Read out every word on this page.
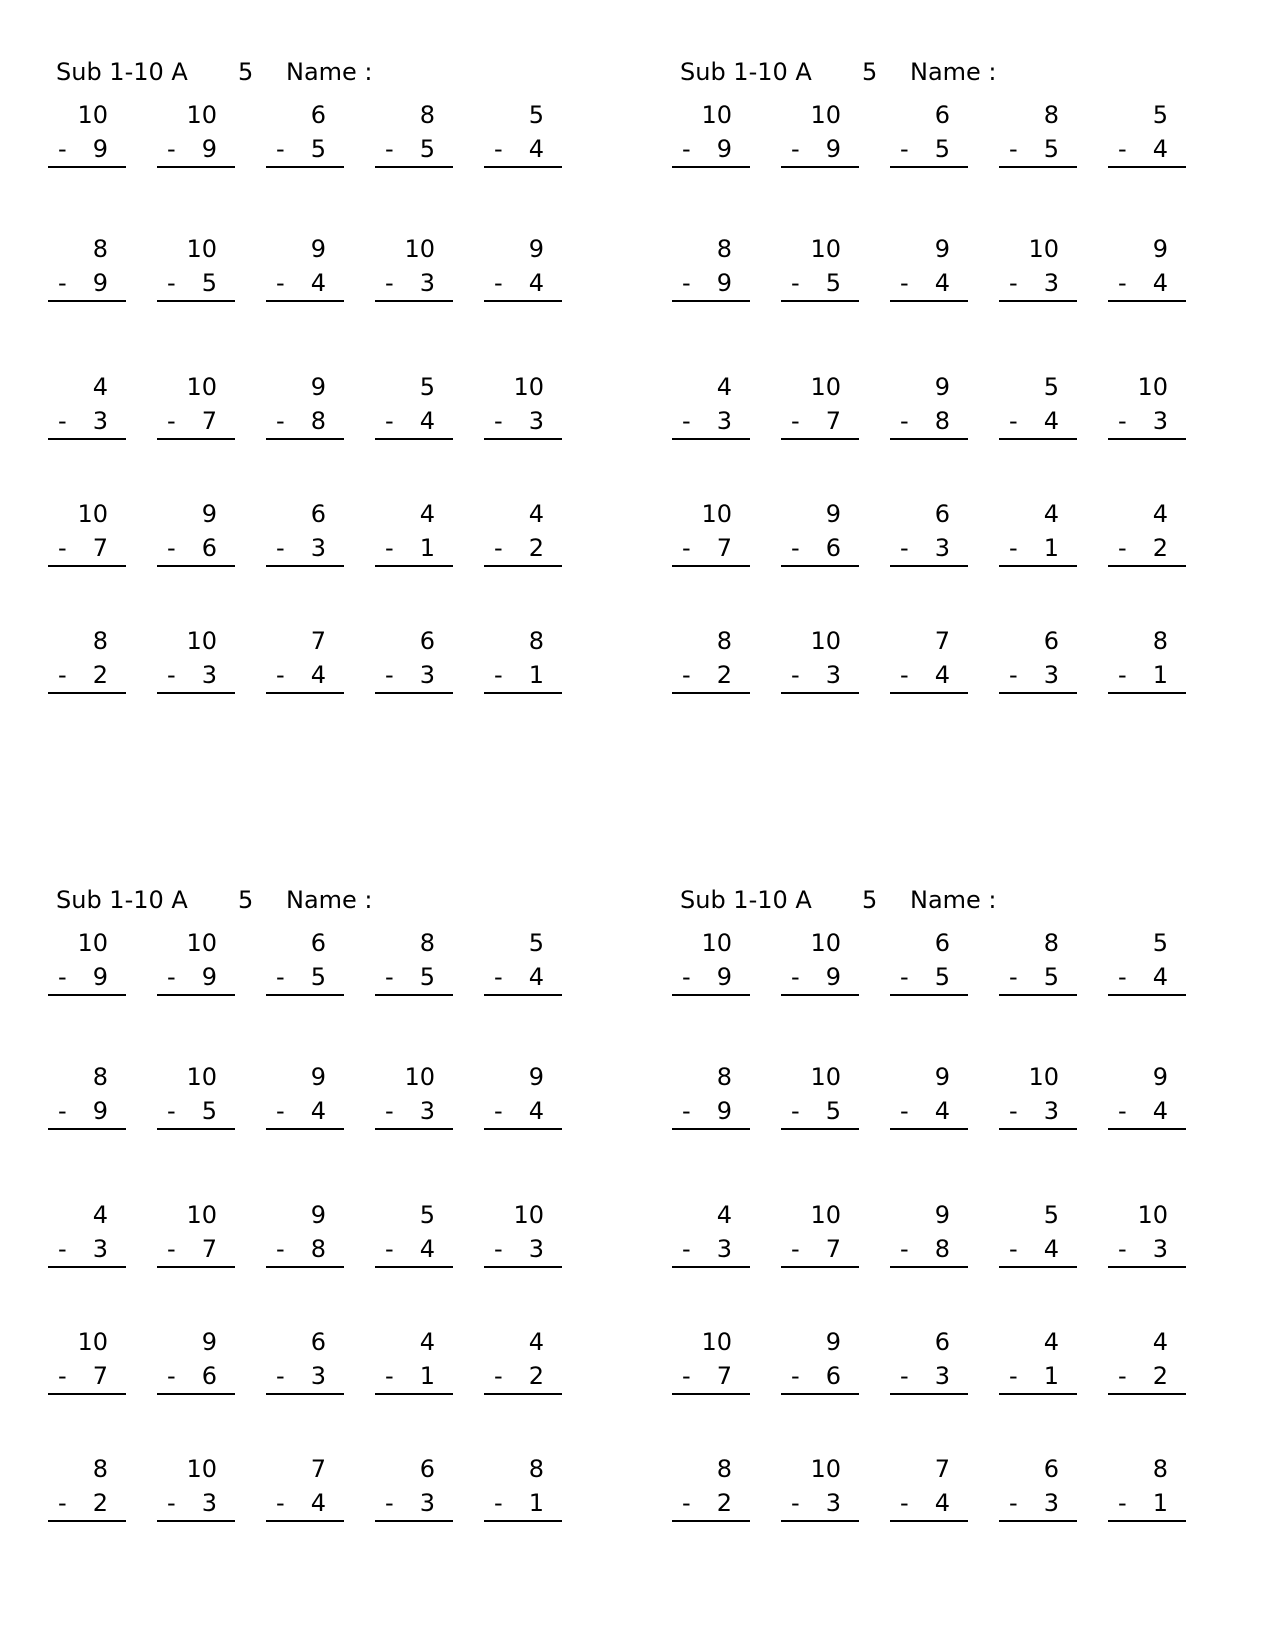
Sub 1-10 A 5 Name :
10
- 9
10
- 9
6
- 5
8
- 5
5
- 4
8
- 9
10
- 5
9
- 4
10
- 3
9
- 4
4
- 3
10
- 7
9
- 8
5
- 4
10
- 3
10
- 7
9
- 6
6
- 3
4
- 1
4
- 2
8
- 2
10
- 3
7
- 4
6
- 3
8
- 1
Sub 1-10 A 5 Name :
10
- 9
10
- 9
6
- 5
8
- 5
5
- 4
8
- 9
10
- 5
9
- 4
10
- 3
9
- 4
4
- 3
10
- 7
9
- 8
5
- 4
10
- 3
10
- 7
9
- 6
6
- 3
4
- 1
4
- 2
8
- 2
10
- 3
7
- 4
6
- 3
8
- 1
Sub 1-10 A 5 Name :
10
- 9
10
- 9
6
- 5
8
- 5
5
- 4
8
- 9
10
- 5
9
- 4
10
- 3
9
- 4
4
- 3
10
- 7
9
- 8
5
- 4
10
- 3
10
- 7
9
- 6
6
- 3
4
- 1
4
- 2
8
- 2
10
- 3
7
- 4
6
- 3
8
- 1
Sub 1-10 A 5 Name :
10
- 9
10
- 9
6
- 5
8
- 5
5
- 4
8
- 9
10
- 5
9
- 4
10
- 3
9
- 4
4
- 3
10
- 7
9
- 8
5
- 4
10
- 3
10
- 7
9
- 6
6
- 3
4
- 1
4
- 2
8
- 2
10
- 3
7
- 4
6
- 3
8
- 1
